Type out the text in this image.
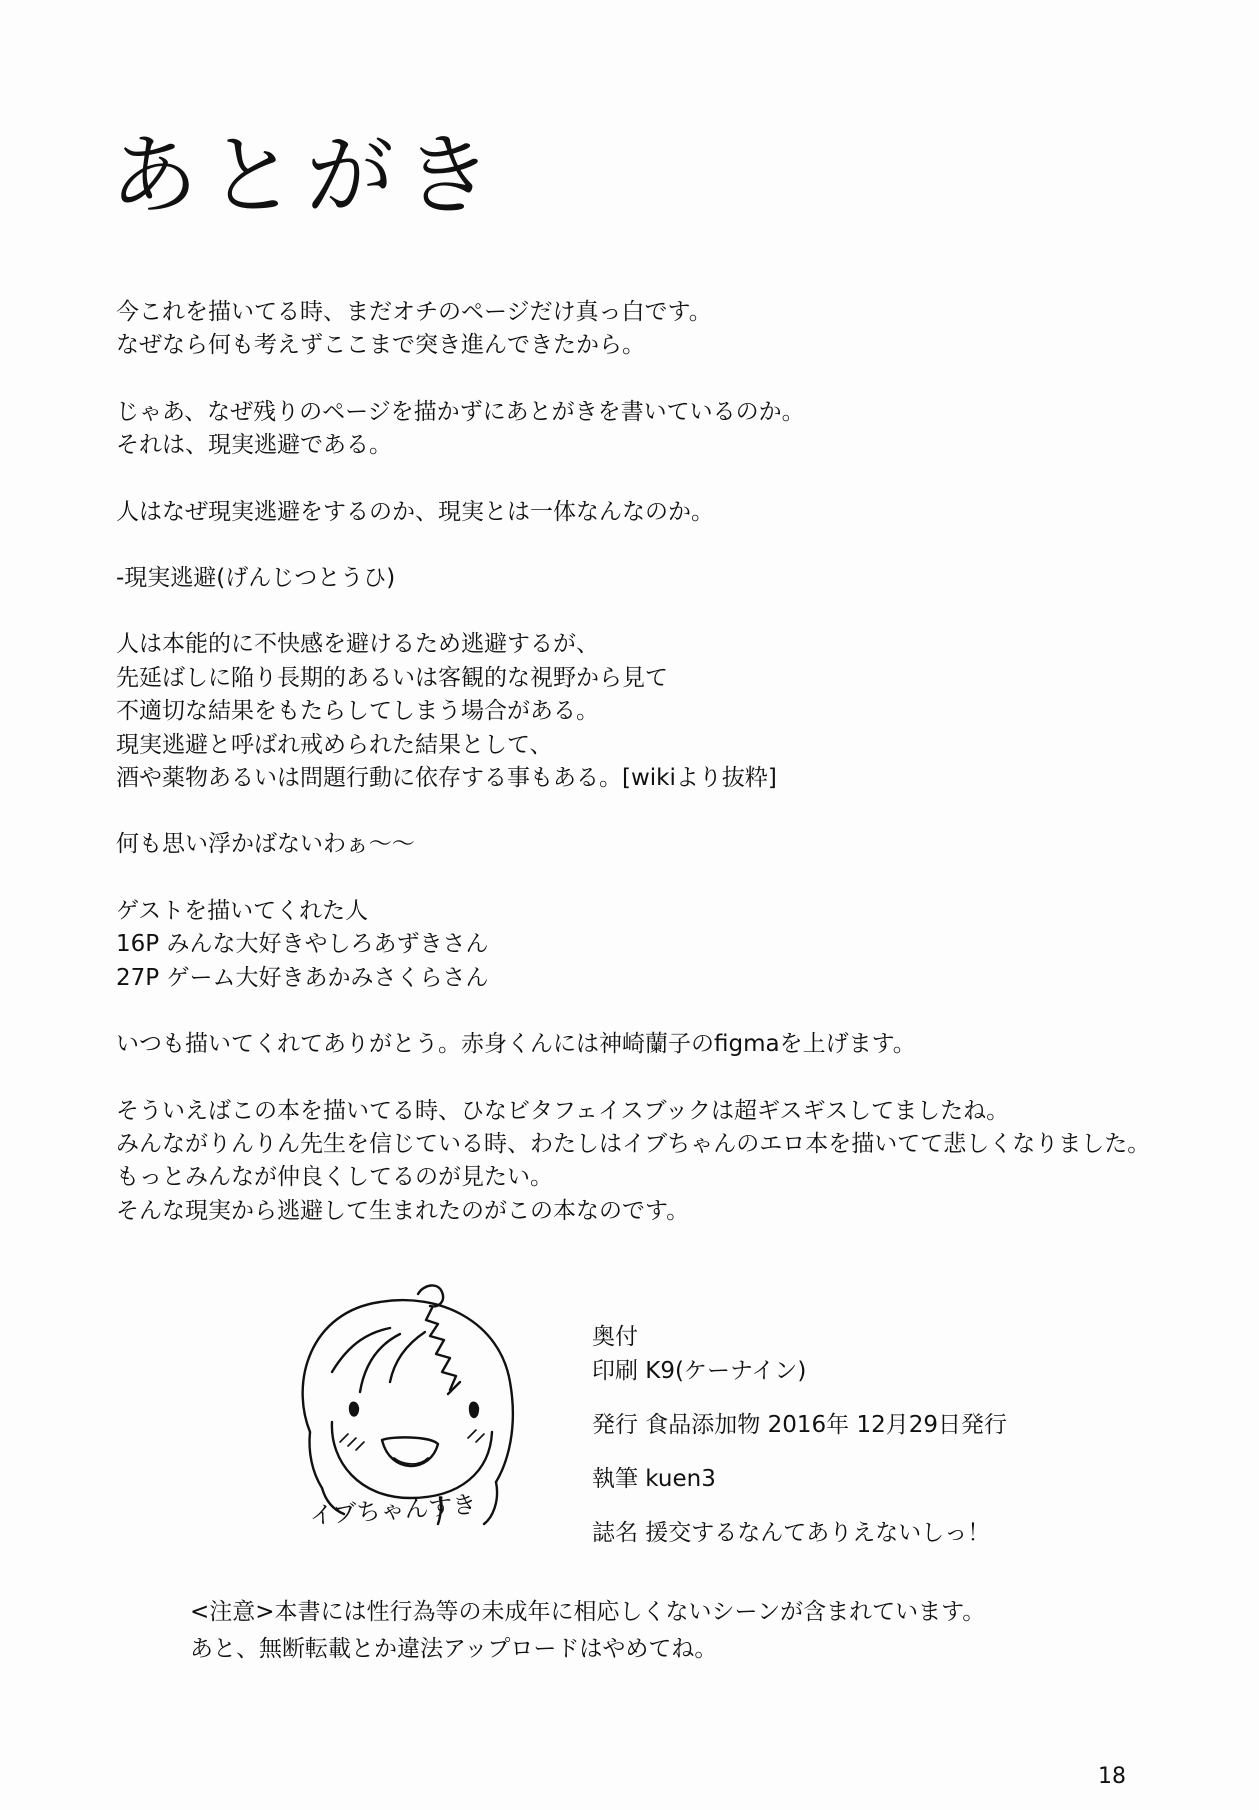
あとがき
今これを描いてる時、まだオチのページだけ真っ白です。
なぜなら何も考えずここまで突き進んできたから。
じゃあ、なぜ残りのページを描かずにあとがきを書いているのか。
それは、現実逃避である。
人はなぜ現実逃避をするのか、現実とは一体なんなのか。
-現実逃避(げんじつとうひ)
人は本能的に不快感を避けるため逃避するが、
先延ばしに陥り長期的あるいは客観的な視野から見て
不適切な結果をもたらしてしまう場合がある。
現実逃避と呼ばれ戒められた結果として、
酒や薬物あるいは問題行動に依存する事もある。[wikiより抜粋]
何も思い浮かばないわぁ～～
ゲストを描いてくれた人
16P みんな大好きやしろあずきさん
27P ゲーム大好きあかみさくらさん
いつも描いてくれてありがとう。赤身くんには神崎蘭子のfigmaを上げます。
そういえばこの本を描いてる時、ひなビタフェイスブックは超ギスギスしてましたね。
みんながりんりん先生を信じている時、わたしはイブちゃんのエロ本を描いてて悲しくなりました。
もっとみんなが仲良くしてるのが見たい。
そんな現実から逃避して生まれたのがこの本なのです。
イブちゃんすき
奥付
印刷 K9(ケーナイン)
発行 食品添加物 2016年 12月29日発行
執筆 kuen3
誌名 援交するなんてありえないしっ！
<注意>本書には性行為等の未成年に相応しくないシーンが含まれています。
あと、無断転載とか違法アップロードはやめてね。
18
